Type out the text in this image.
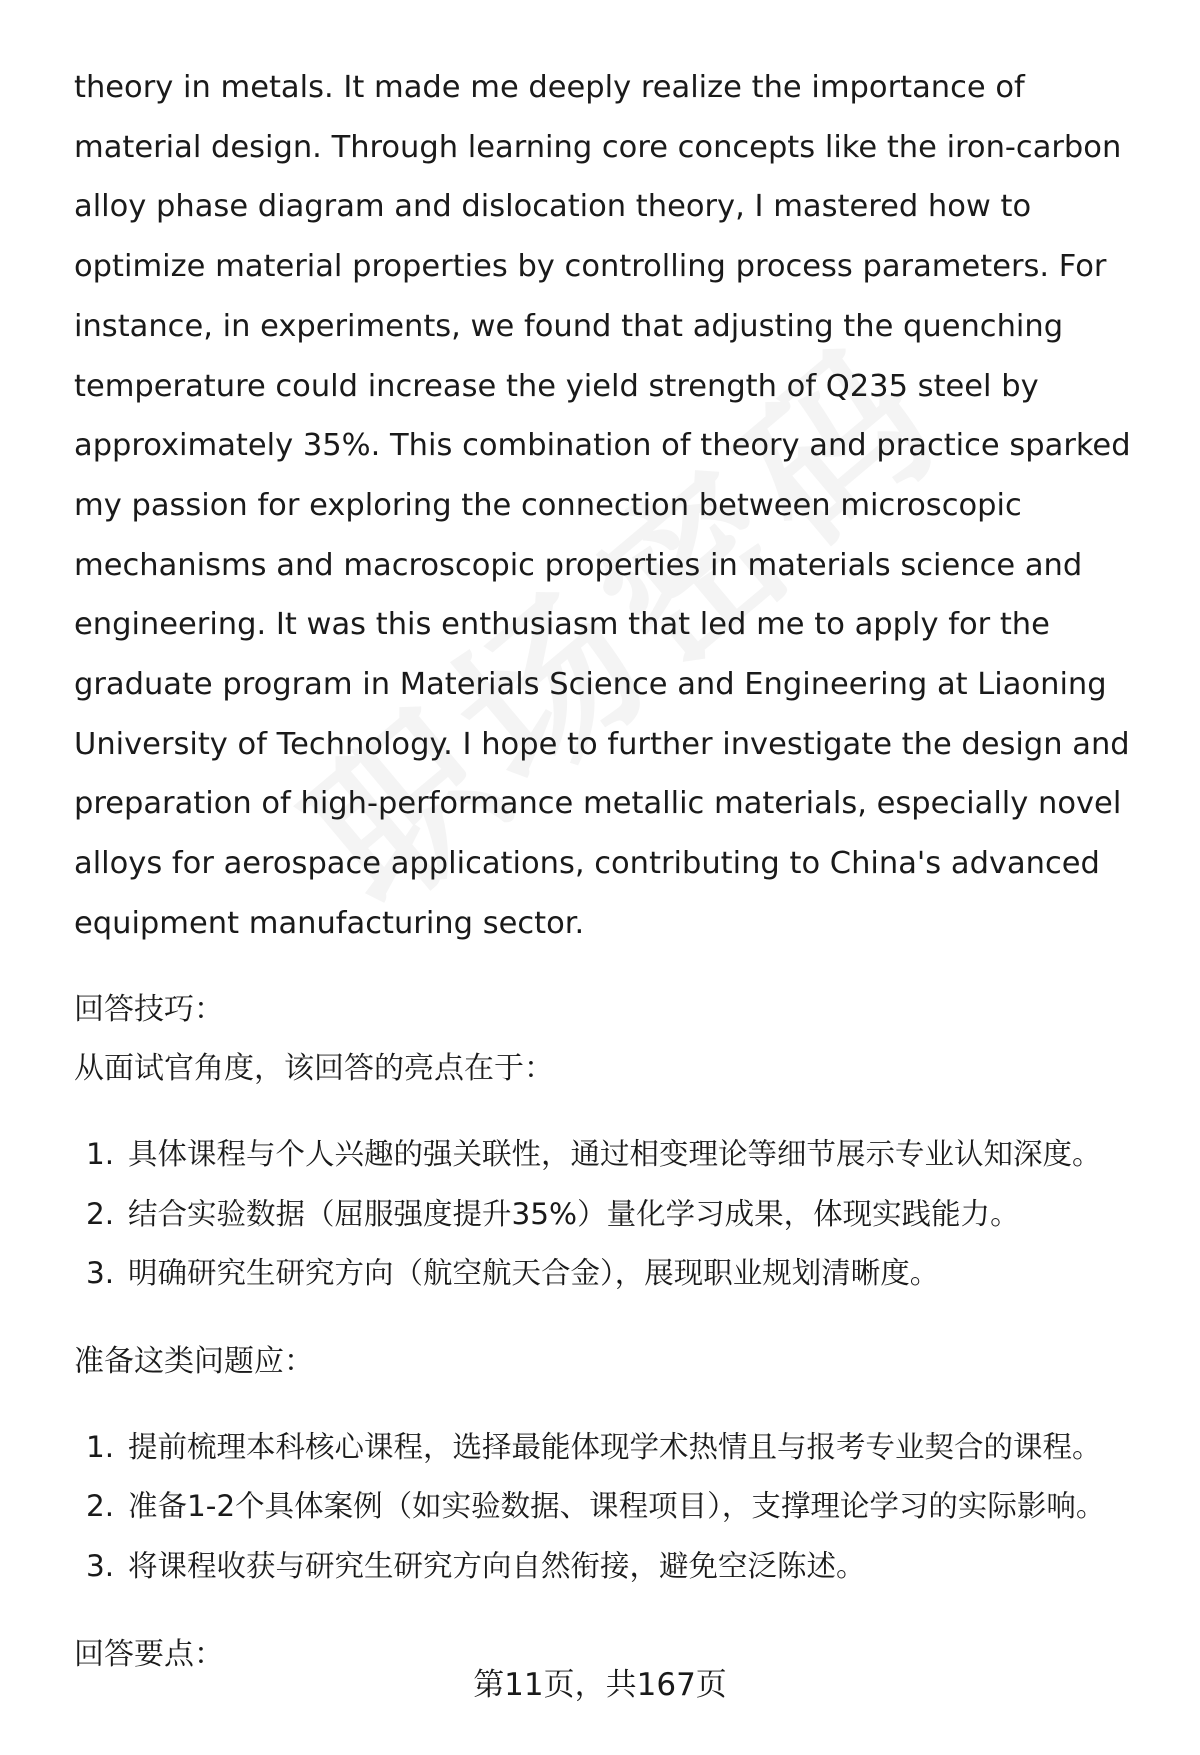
theory in metals. It made me deeply realize the importance of material design. Through learning core concepts like the iron-carbon alloy phase diagram and dislocation theory, I mastered how to optimize material properties by controlling process parameters. For instance, in experiments, we found that adjusting the quenching temperature could increase the yield strength of Q235 steel by approximately 35%. This combination of theory and practice sparked my passion for exploring the connection between microscopic mechanisms and macroscopic properties in materials science and engineering. It was this enthusiasm that led me to apply for the graduate program in Materials Science and Engineering at Liaoning University of Technology. I hope to further investigate the design and preparation of high-performance metallic materials, especially novel alloys for aerospace applications, contributing to China's advanced equipment manufacturing sector.

回答技巧：

从面试官角度，该回答的亮点在于：

1. 具体课程与个人兴趣的强关联性，通过相变理论等细节展示专业认知深度。
2. 结合实验数据（屈服强度提升35%）量化学习成果，体现实践能力。
3. 明确研究生研究方向（航空航天合金），展现职业规划清晰度。

准备这类问题应：

1. 提前梳理本科核心课程，选择最能体现学术热情且与报考专业契合的课程。
2. 准备1-2个具体案例（如实验数据、课程项目），支撑理论学习的实际影响。
3. 将课程收获与研究生研究方向自然衔接，避免空泛陈述。

回答要点：

第11页，共167页
